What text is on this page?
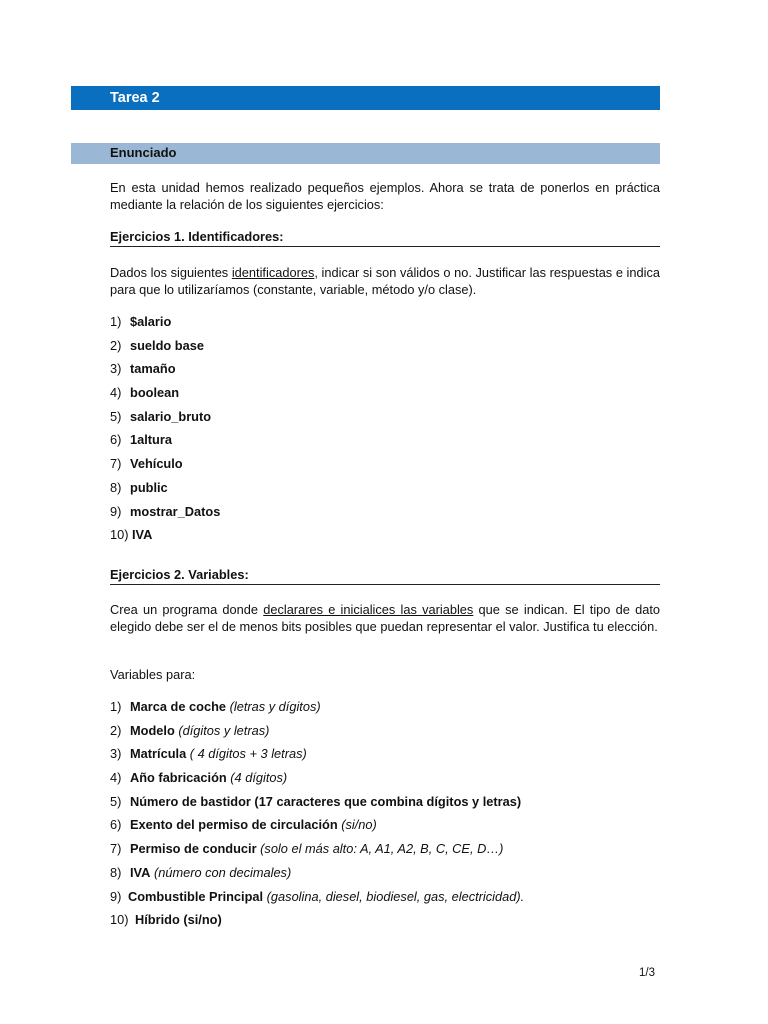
Tarea 2
Enunciado
En esta unidad hemos realizado pequeños ejemplos. Ahora se trata de ponerlos en práctica mediante la relación de los siguientes ejercicios:
Ejercicios 1. Identificadores:
Dados los siguientes identificadores, indicar si son válidos o no. Justificar las respuestas e indica para que lo utilizaríamos (constante, variable, método y/o clase).
1) $alario
2) sueldo base
3) tamaño
4) boolean
5) salario_bruto
6) 1altura
7) Vehículo
8) public
9) mostrar_Datos
10) IVA
Ejercicios 2. Variables:
Crea un programa donde declarares e inicialices las variables que se indican. El tipo de dato elegido debe ser el de menos bits posibles que puedan representar el valor. Justifica tu elección.
Variables para:
1) Marca de coche (letras y dígitos)
2) Modelo (dígitos y letras)
3) Matrícula ( 4 dígitos + 3 letras)
4) Año fabricación (4 dígitos)
5) Número de bastidor (17 caracteres que combina dígitos y letras)
6) Exento del permiso de circulación (si/no)
7) Permiso de conducir (solo el más alto: A, A1, A2, B, C, CE, D…)
8) IVA (número con decimales)
9) Combustible Principal (gasolina, diesel, biodiesel, gas, electricidad).
10) Híbrido (si/no)
1/3
